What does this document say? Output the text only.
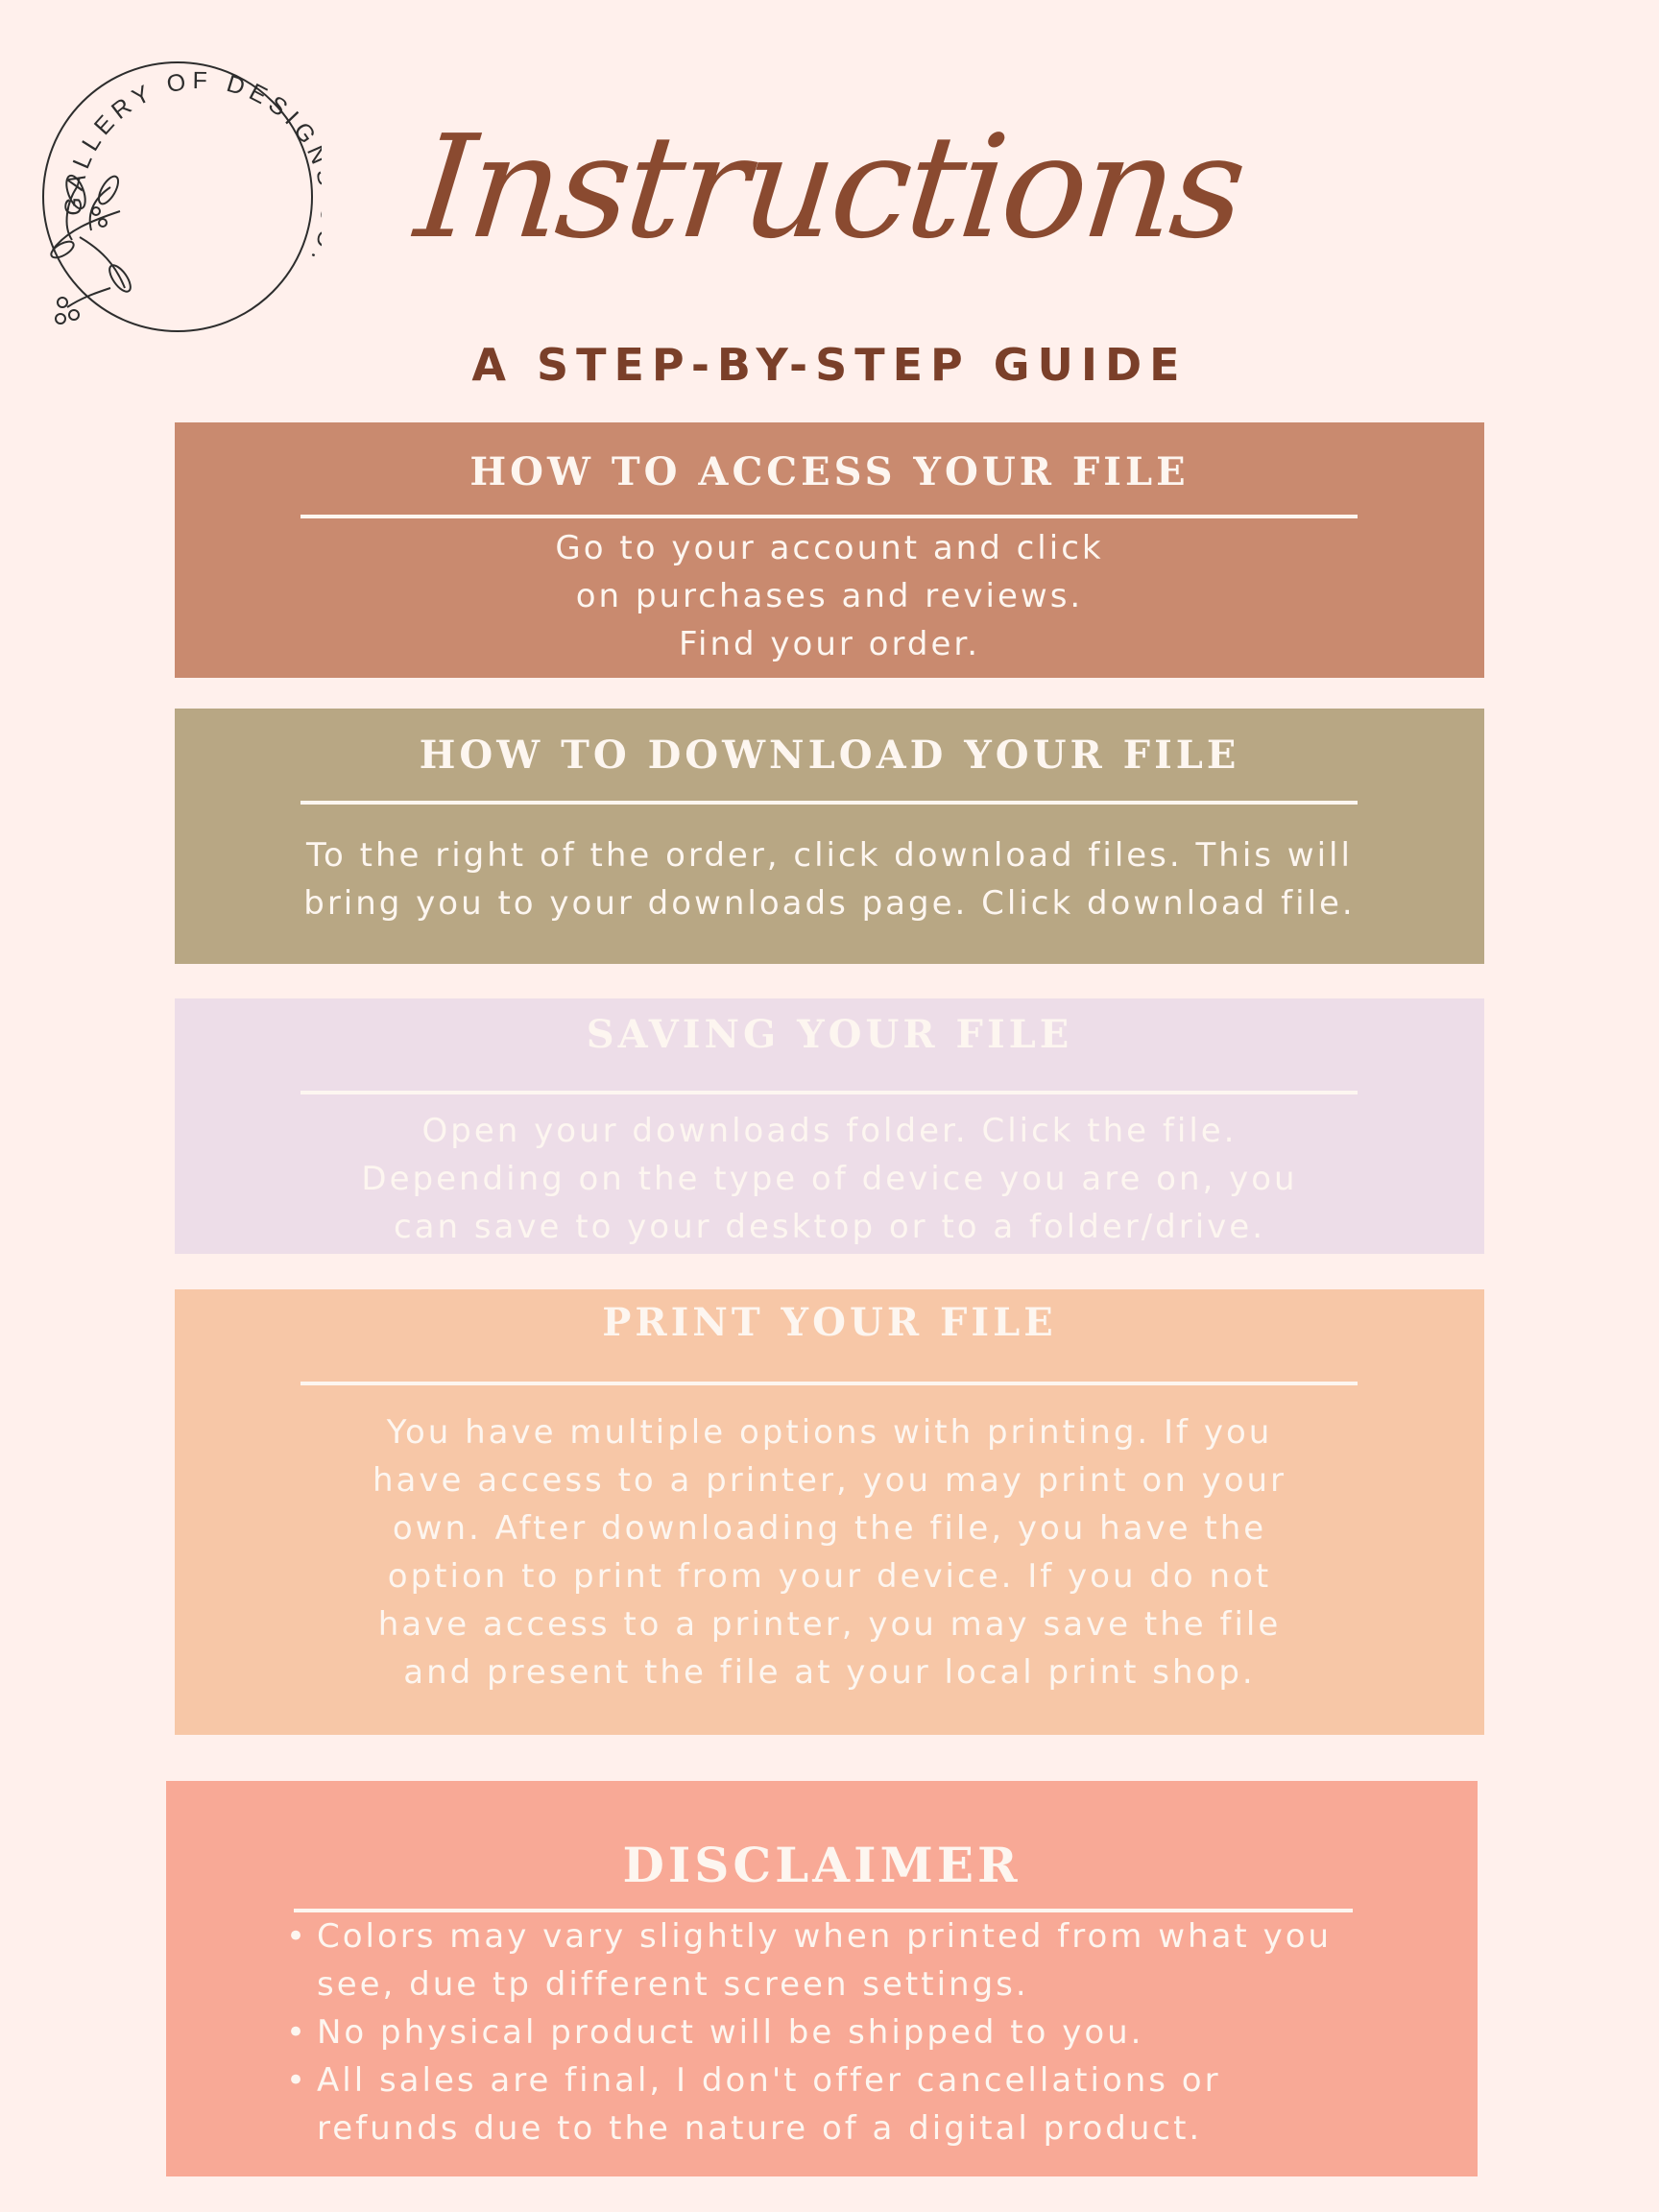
GALLERY OF DESIG Instructions
A STEP-BY-STEP GUIDE
HOW TO ACCESS YOUR FILE
Go to your account and click
on purchases and reviews.
Find your order.
HOW TO DOWNLOAD YOUR FILE
To the right of the order, click download files. This will
bring you to your downloads page. Click download file.
SAVING YOUR FILE
Open your downloads folder. Click the file.
Depending on the type of device you are on, you
can save to your desktop or to a folder/drive.
PRINT YOUR FILE
You have multiple options with printing. If you
have access to a printer, you may print on your
own. After downloading the file, you have the
option to print from your device. If you do not
have access to a printer, you may save the file
and present the file at your local print shop.
DISCLAIMER
• Colors may vary slightly when printed from what you
see, due tp different screen settings.
• No physical product will be shipped to you.
• All sales are final, I don't offer cancellations or
refunds due to the nature of a digital product.
